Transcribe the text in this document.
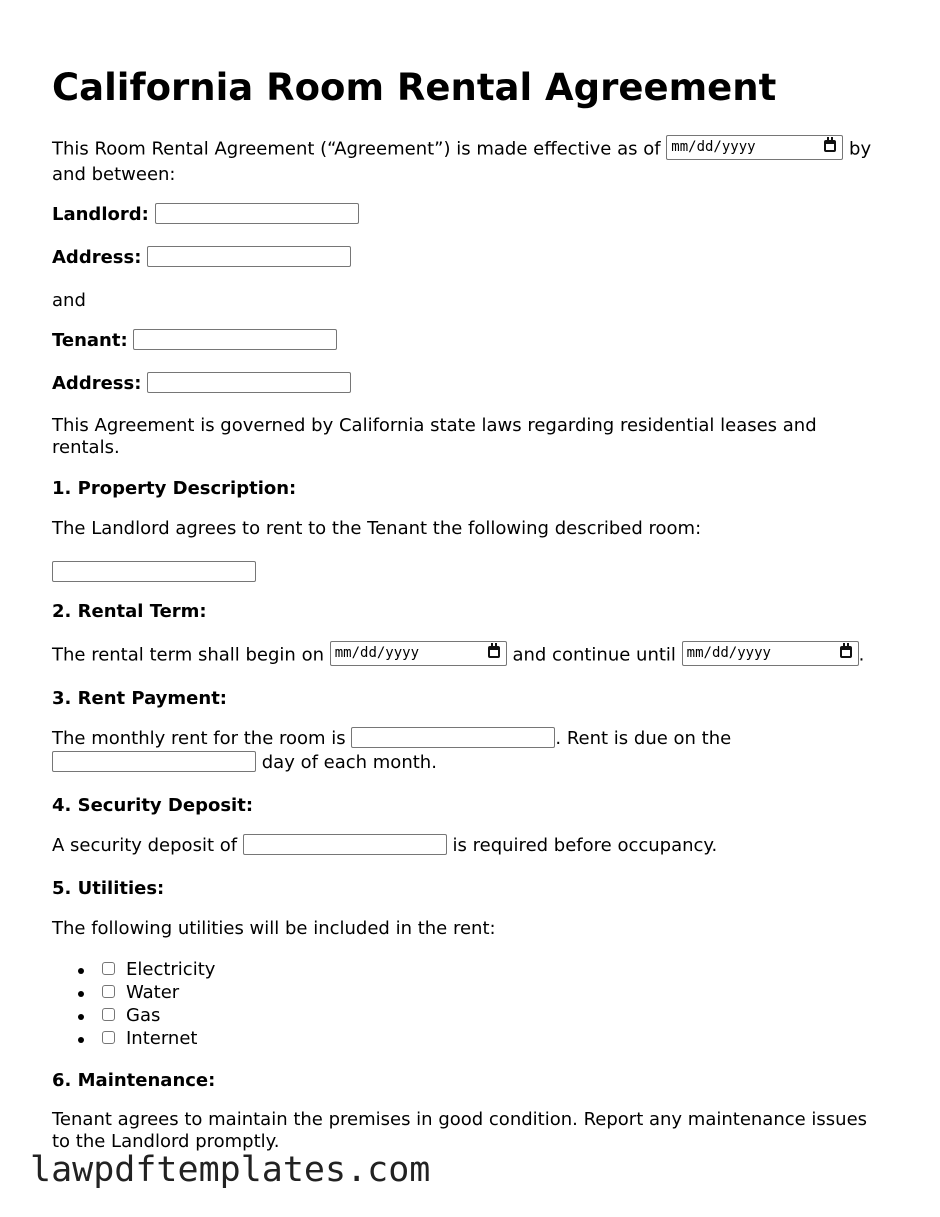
California Room Rental Agreement
This Room Rental Agreement (“Agreement”) is made effective as of mm/dd/yyyy	by
and between:
Landlord:
Address:
and
Tenant:
Address:
This Agreement is governed by California state laws regarding residential leases and
rentals.
1. Property Description:
The Landlord agrees to rent to the Tenant the following described room:
2. Rental Term:
The rental term shall begin on mm/dd/yyyy	and continue until mm/dd/yyyy	.
3. Rent Payment:
The monthly rent for the room is	. Rent is due on the
day of each month.
4. Security Deposit:
A security deposit of	is required before occupancy.
5. Utilities:
The following utilities will be included in the rent:
Electricity
Water
Gas
Internet
6. Maintenance:
Tenant agrees to maintain the premises in good condition. Report any maintenance issues
to the Landlord promptly.
lawpdftemplates.com
